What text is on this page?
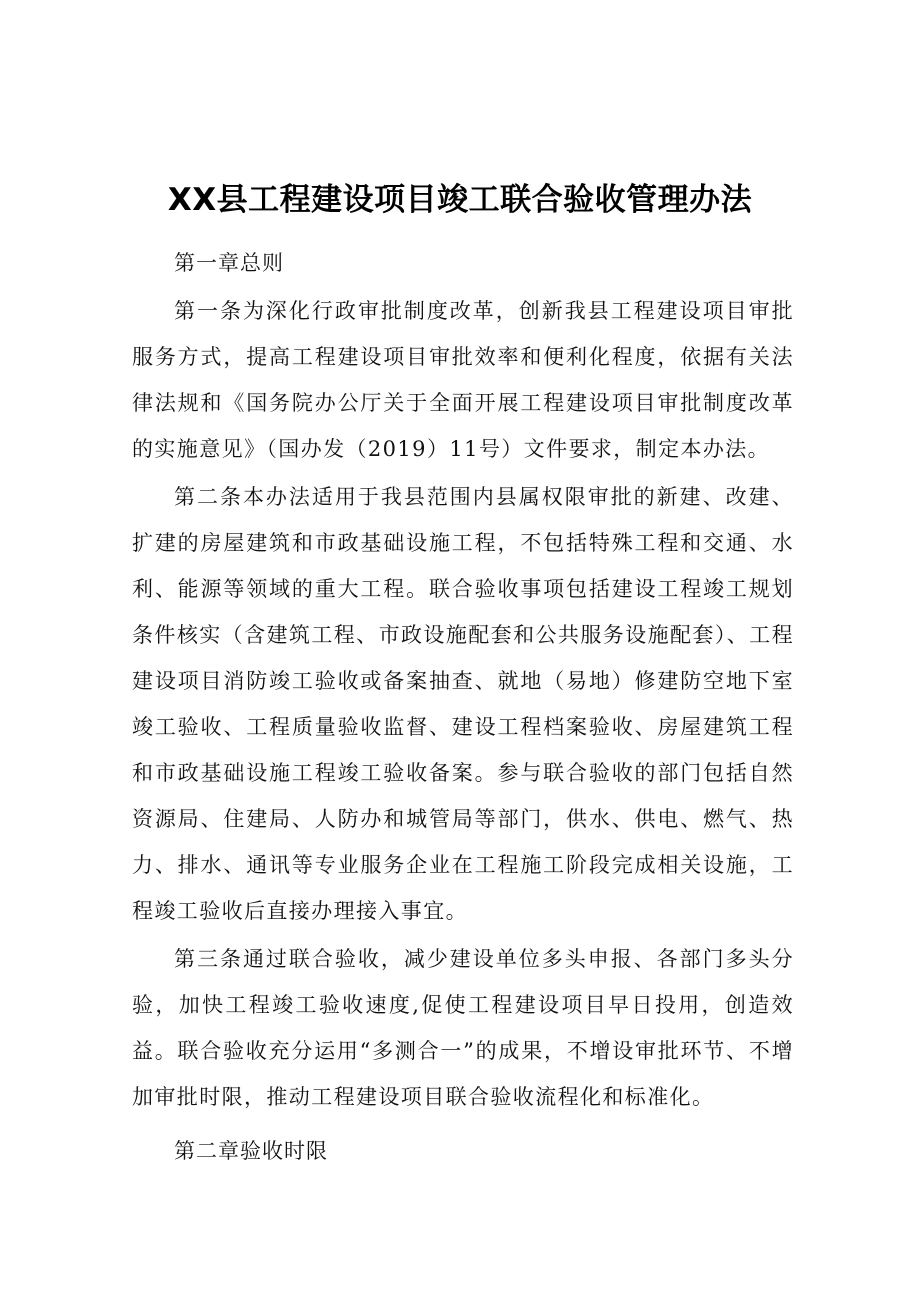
XX县工程建设项目竣工联合验收管理办法

第一章总则

第一条为深化行政审批制度改革，创新我县工程建设项目审批服务方式，提高工程建设项目审批效率和便利化程度，依据有关法律法规和《国务院办公厅关于全面开展工程建设项目审批制度改革的实施意见》（国办发（2019）11号）文件要求，制定本办法。

第二条本办法适用于我县范围内县属权限审批的新建、改建、扩建的房屋建筑和市政基础设施工程，不包括特殊工程和交通、水利、能源等领域的重大工程。联合验收事项包括建设工程竣工规划条件核实（含建筑工程、市政设施配套和公共服务设施配套）、工程建设项目消防竣工验收或备案抽查、就地（易地）修建防空地下室竣工验收、工程质量验收监督、建设工程档案验收、房屋建筑工程和市政基础设施工程竣工验收备案。参与联合验收的部门包括自然资源局、住建局、人防办和城管局等部门，供水、供电、燃气、热力、排水、通讯等专业服务企业在工程施工阶段完成相关设施，工程竣工验收后直接办理接入事宜。

第三条通过联合验收，减少建设单位多头申报、各部门多头分验，加快工程竣工验收速度,促使工程建设项目早日投用，创造效益。联合验收充分运用“多测合一”的成果，不增设审批环节、不增加审批时限，推动工程建设项目联合验收流程化和标准化。

第二章验收时限
